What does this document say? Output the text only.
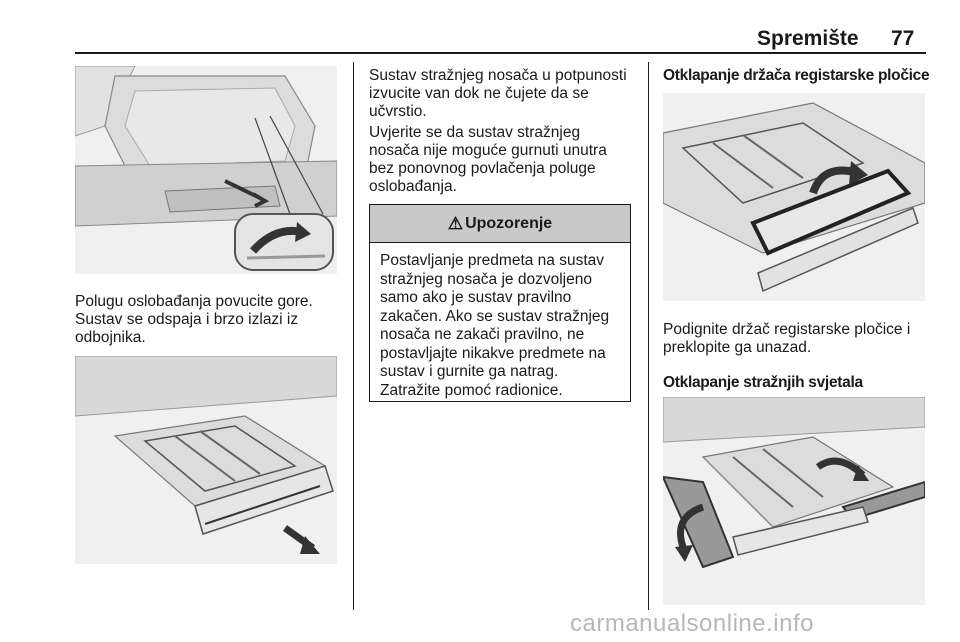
Spremište 77

Polugu oslobađanja povucite gore. Sustav se odspaja i brzo izlazi iz odbojnika.

Sustav stražnjeg nosača u potpunosti izvucite van dok ne čujete da se učvrstio.

Uvjerite se da sustav stražnjeg nosača nije moguće gurnuti unutra bez ponovnog povlačenja poluge oslobađanja.

⚠ Upozorenje

Postavljanje predmeta na sustav stražnjeg nosača je dozvoljeno samo ako je sustav pravilno zakačen. Ako se sustav stražnjeg nosača ne zakači pravilno, ne postavljajte nikakve predmete na sustav i gurnite ga natrag. Zatražite pomoć radionice.

Otklapanje držača registarske pločice

Podignite držač registarske pločice i preklopite ga unazad.

Otklapanje stražnjih svjetala

carmanualsonline.info
